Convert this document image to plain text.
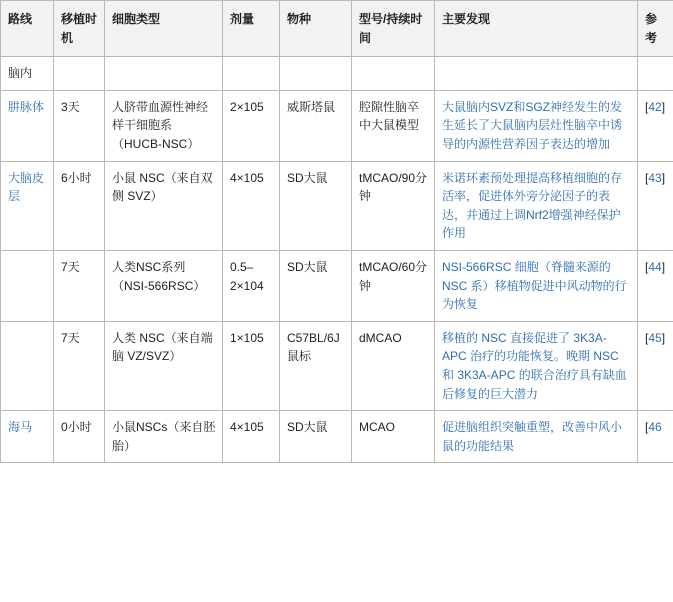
路线	移植时机	细胞类型	剂量	物种	型号/持续时间	主要发现	参考
脑内							
肼脉体	3天	人脐带血源性神经样干细胞系（HUCB-NSC）	2×105	威斯塔鼠	腔隙性脑卒中大鼠模型	大鼠脑内SVZ和SGZ神经发生的发生延长了大鼠脑内层灶性脑卒中诱导的内源性营养因子表达的增加	[42]
大脑皮层	6小时	小鼠 NSC（来自双侧 SVZ）	4×105	SD大鼠	tMCAO/90分钟	米诺环素预处理提高移植细胞的存活率，促进体外旁分泌因子的表达，并通过上调Nrf2增强神经保护作用	[43]
	7天	人类NSC系列（NSI-566RSC）	0.5–2×104	SD大鼠	tMCAO/60分钟	NSI-566RSC 细胞（脊髓来源的 NSC 系）移植物促进中风动物的行为恢复	[44]
	7天	人类 NSC（来自端脑 VZ/SVZ）	1×105	C57BL/6J鼠标	dMCAO	移植的 NSC 直接促进了 3K3A-APC 治疗的功能恢复。晚期 NSC 和 3K3A-APC 的联合治疗具有缺血后修复的巨大潜力	[45]
海马	0小时	小鼠NSCs（来自胚胎）	4×105	SD大鼠	MCAO	促进脑组织突触重塑，改善中风小鼠的功能结果	[46
